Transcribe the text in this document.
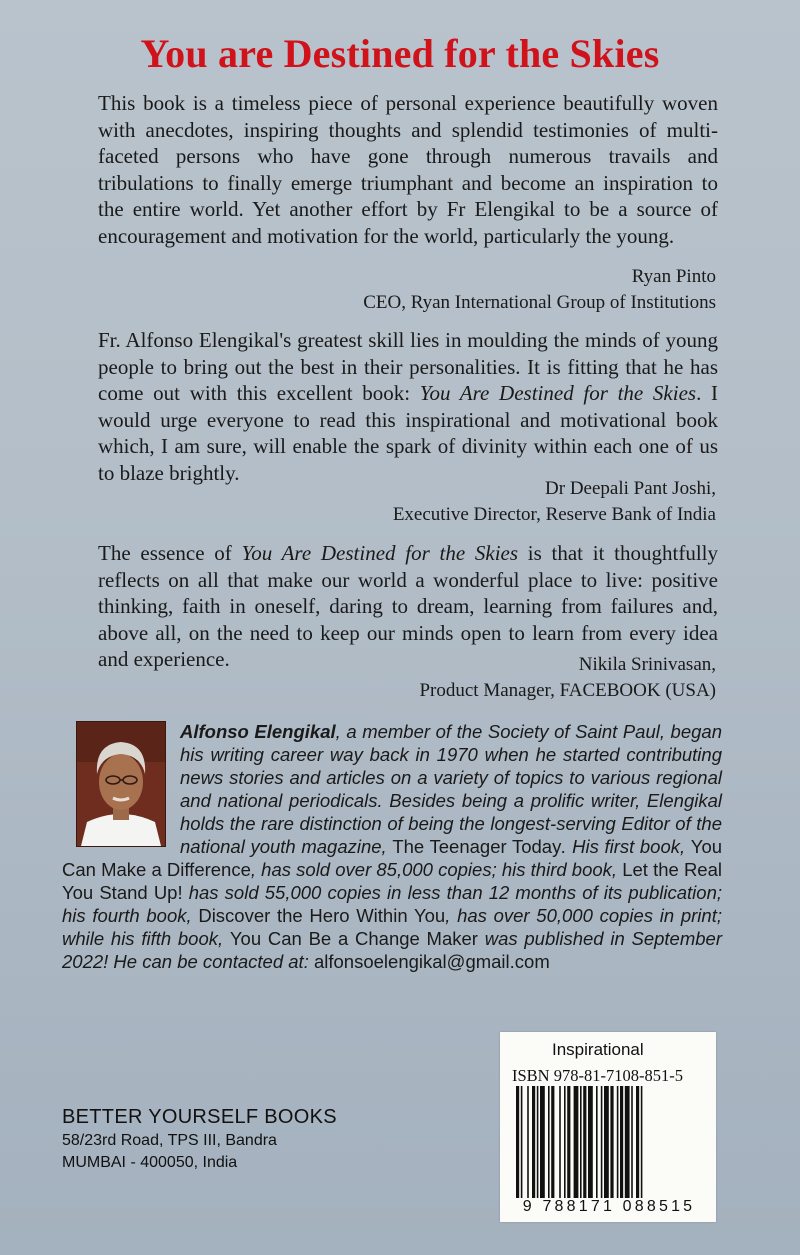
You are Destined for the Skies

This book is a timeless piece of personal experience beautifully woven with anecdotes, inspiring thoughts and splendid testimonies of multi-faceted persons who have gone through numerous travails and tribulations to finally emerge triumphant and become an inspiration to the entire world. Yet another effort by Fr Elengikal to be a source of encouragement and motivation for the world, particularly the young.

Ryan Pinto
CEO, Ryan International Group of Institutions

Fr. Alfonso Elengikal's greatest skill lies in moulding the minds of young people to bring out the best in their personalities. It is fitting that he has come out with this excellent book: You Are Destined for the Skies. I would urge everyone to read this inspirational and motivational book which, I am sure, will enable the spark of divinity within each one of us to blaze brightly.

Dr Deepali Pant Joshi,
Executive Director, Reserve Bank of India

The essence of You Are Destined for the Skies is that it thoughtfully reflects on all that make our world a wonderful place to live: positive thinking, faith in oneself, daring to dream, learning from failures and, above all, on the need to keep our minds open to learn from every idea and experience.	Nikila Srinivasan,
Product Manager, FACEBOOK (USA)
Alfonso Elengikal, a member of the Society of Saint Paul, began his writing career way back in 1970 when he started contributing news stories and articles on a variety of topics to various regional and national periodicals. Besides being a prolific writer, Elengikal holds the rare distinction of being the longest-serving Editor of the national youth magazine, The Teenager Today. His first book, You Can Make a Difference, has sold over 85,000 copies; his third book, Let the Real You Stand Up! has sold 55,000 copies in less than 12 months of its publication; his fourth book, Discover the Hero Within You, has over 50,000 copies in print; while his fifth book, You Can Be a Change Maker was published in September 2022! He can be contacted at: alfonsoelengikal@gmail.com
BETTER YOURSELF BOOKS
58/23rd Road, TPS III, Bandra
MUMBAI - 400050, India
Inspirational
ISBN 978-81-7108-851-5
9 788171 088515
